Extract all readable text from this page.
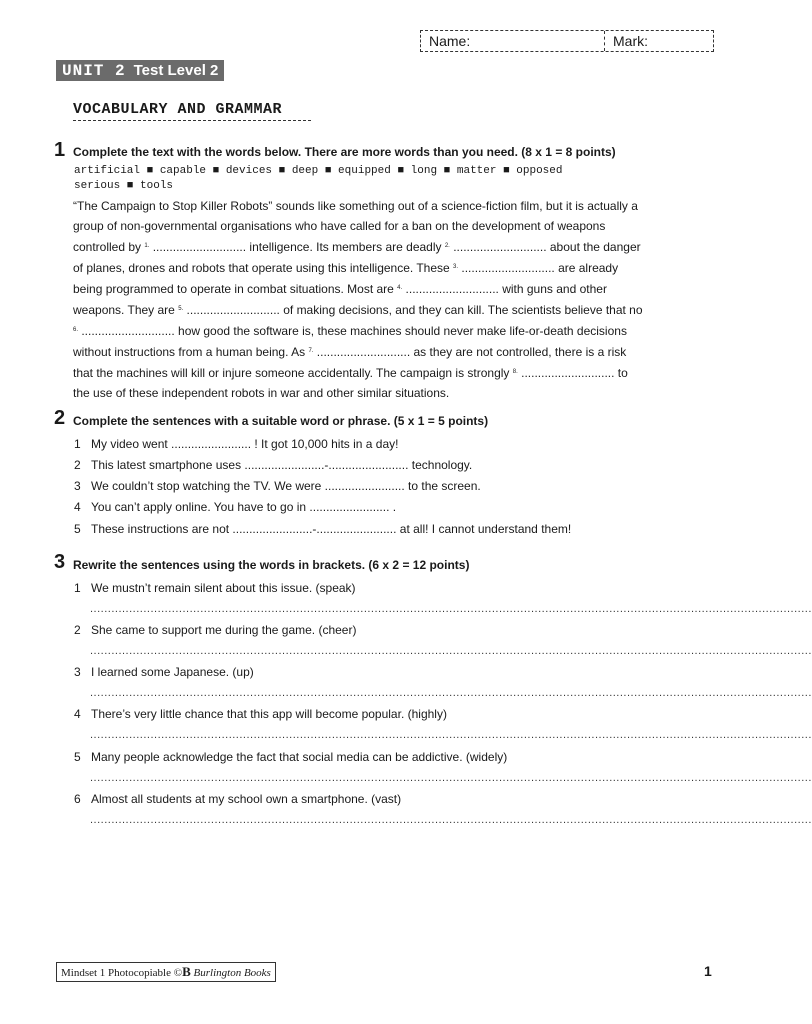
Name:	Mark:
UNIT 2 Test Level 2
VOCABULARY AND GRAMMAR
1 Complete the text with the words below. There are more words than you need. (8 x 1 = 8 points)
artificial ■ capable ■ devices ■ deep ■ equipped ■ long ■ matter ■ opposed
serious ■ tools
“The Campaign to Stop Killer Robots” sounds like something out of a science-fiction film, but it is actually a group of non-governmental organisations who have called for a ban on the development of weapons controlled by $^{1.}$ ............................ intelligence. Its members are deadly $^{2.}$ ............................ about the danger of planes, drones and robots that operate using this intelligence. These $^{3.}$ ............................ are already being programmed to operate in combat situations. Most are $^{4.}$ ............................ with guns and other weapons. They are $^{5.}$ ............................ of making decisions, and they can kill. The scientists believe that no $^{6.}$ ............................ how good the software is, these machines should never make life-or-death decisions without instructions from a human being. As $^{7.}$ ............................ as they are not controlled, there is a risk that the machines will kill or injure someone accidentally. The campaign is strongly $^{8.}$ ............................ to the use of these independent robots in war and other similar situations.
2 Complete the sentences with a suitable word or phrase. (5 x 1 = 5 points)
1 My video went ........................ ! It got 10,000 hits in a day!
2 This latest smartphone uses ........................-........................ technology.
3 We couldn’t stop watching the TV. We were ........................ to the screen.
4 You can’t apply online. You have to go in ........................ .
5 These instructions are not ........................-........................ at all! I cannot understand them!
3 Rewrite the sentences using the words in brackets. (6 x 2 = 12 points)
1 We mustn’t remain silent about this issue. (speak)
...........................................................................................................................................................................................................
2 She came to support me during the game. (cheer)
...........................................................................................................................................................................................................
3 I learned some Japanese. (up)
...........................................................................................................................................................................................................
4 There’s very little chance that this app will become popular. (highly)
...........................................................................................................................................................................................................
5 Many people acknowledge the fact that social media can be addictive. (widely)
...........................................................................................................................................................................................................
6 Almost all students at my school own a smartphone. (vast)
...........................................................................................................................................................................................................
Mindset 1 Photocopiable ©B Burlington Books	1
